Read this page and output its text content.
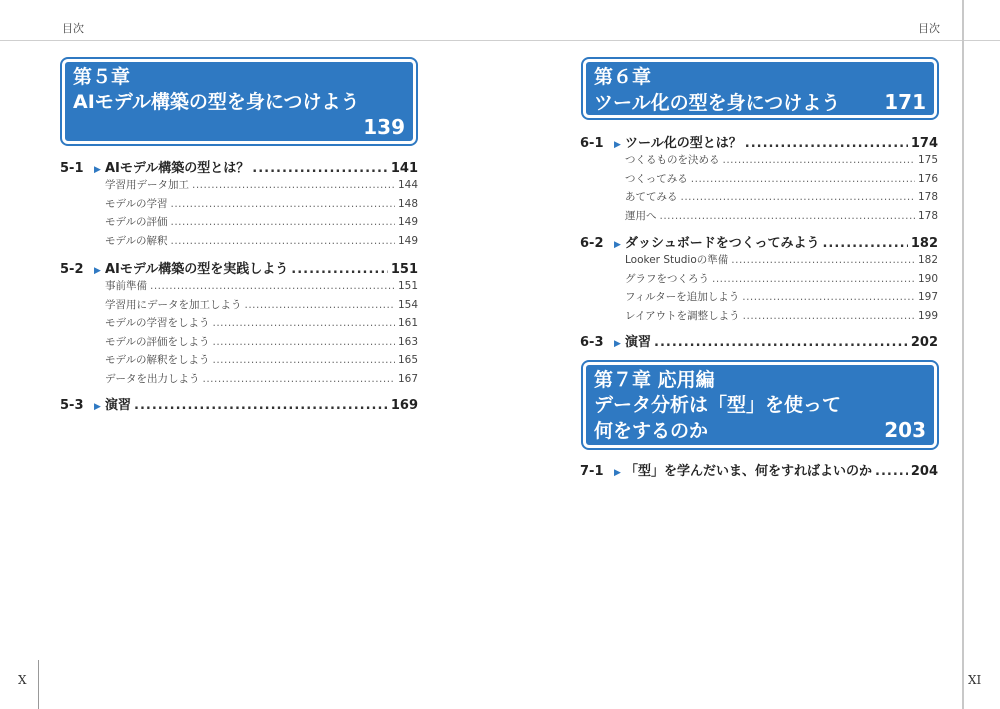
目次	目次
X	XI
第５章
AIモデル構築の型を身につけよう
139
第６章
ツール化の型を身につけよう 171
第７章 応用編
データ分析は「型」を使って
何をするのか	203
5-1	▶ AIモデル構築の型とは？ .....	141
学習用データ加工 .....	144
モデルの学習 .....	148
モデルの評価 .....	149
モデルの解釈 .....	149
5-2	▶ AIモデル構築の型を実践しよう .....	151
事前準備 .....	151
学習用にデータを加工しよう .....	154
モデルの学習をしよう .....	161
モデルの評価をしよう .....	163
モデルの解釈をしよう .....	165
データを出力しよう .....	167
5-3	▶ 演習 .....	169
6-1	▶ ツール化の型とは？ .....	174
つくるものを決める .....	175
つくってみる .....	176
あててみる .....	178
運用へ .....	178
6-2	▶ ダッシュボードをつくってみよう .....	182
Looker Studioの準備 .....	182
グラフをつくろう .....	190
フィルターを追加しよう .....	197
レイアウトを調整しよう .....	199
6-3	▶ 演習 .....	202
7-1	▶ 「型」を学んだいま、何をすればよいのか .....	204
